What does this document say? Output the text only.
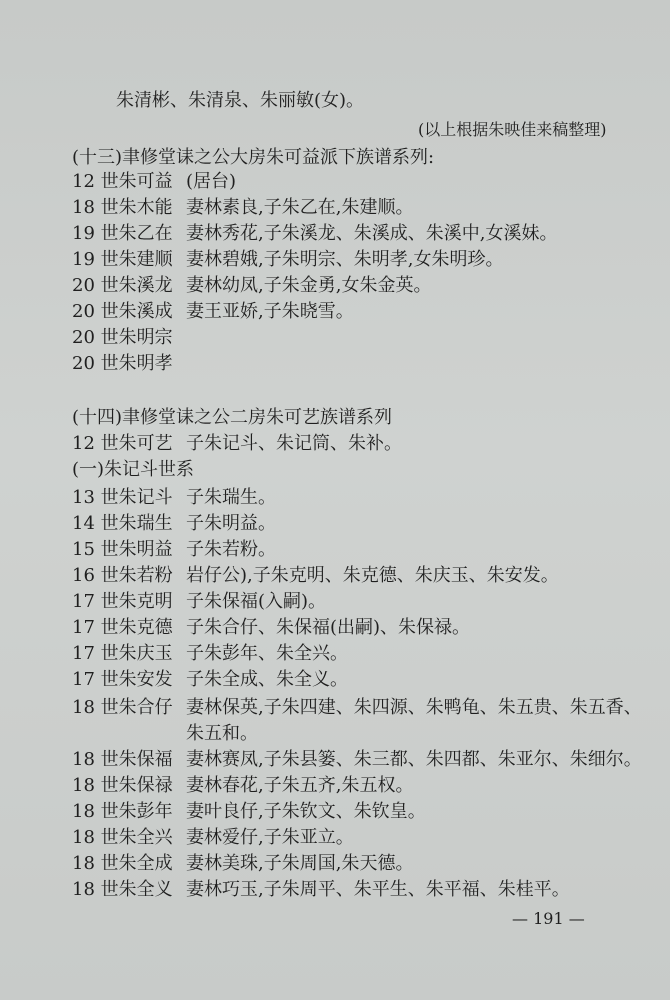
朱清彬、朱清泉、朱丽敏(女)。
(以上根据朱映佳来稿整理)
(十三)聿修堂诔之公大房朱可益派下族谱系列:
12 世朱可益 (居台)
18 世朱木能 妻林素良,子朱乙在,朱建顺。
19 世朱乙在 妻林秀花,子朱溪龙、朱溪成、朱溪中,女溪妹。
19 世朱建顺 妻林碧娥,子朱明宗、朱明孝,女朱明珍。
20 世朱溪龙 妻林幼凤,子朱金勇,女朱金英。
20 世朱溪成 妻王亚娇,子朱晓雪。
20 世朱明宗
20 世朱明孝
(十四)聿修堂诔之公二房朱可艺族谱系列
12 世朱可艺 子朱记斗、朱记筒、朱补。
(一)朱记斗世系
13 世朱记斗 子朱瑞生。
14 世朱瑞生 子朱明益。
15 世朱明益 子朱若粉。
16 世朱若粉 岩仔公),子朱克明、朱克德、朱庆玉、朱安发。
17 世朱克明 子朱保福(入嗣)。
17 世朱克德 子朱合仔、朱保福(出嗣)、朱保禄。
17 世朱庆玉 子朱彭年、朱全兴。
17 世朱安发 子朱全成、朱全义。
18 世朱合仔 妻林保英,子朱四建、朱四源、朱鸭龟、朱五贵、朱五香、
朱五和。
18 世朱保福 妻林赛凤,子朱县篓、朱三都、朱四都、朱亚尔、朱细尔。
18 世朱保禄 妻林春花,子朱五齐,朱五权。
18 世朱彭年 妻叶良仔,子朱钦文、朱钦皇。
18 世朱全兴 妻林爱仔,子朱亚立。
18 世朱全成 妻林美珠,子朱周国,朱天德。
18 世朱全义 妻林巧玉,子朱周平、朱平生、朱平福、朱桂平。
— 191 —
